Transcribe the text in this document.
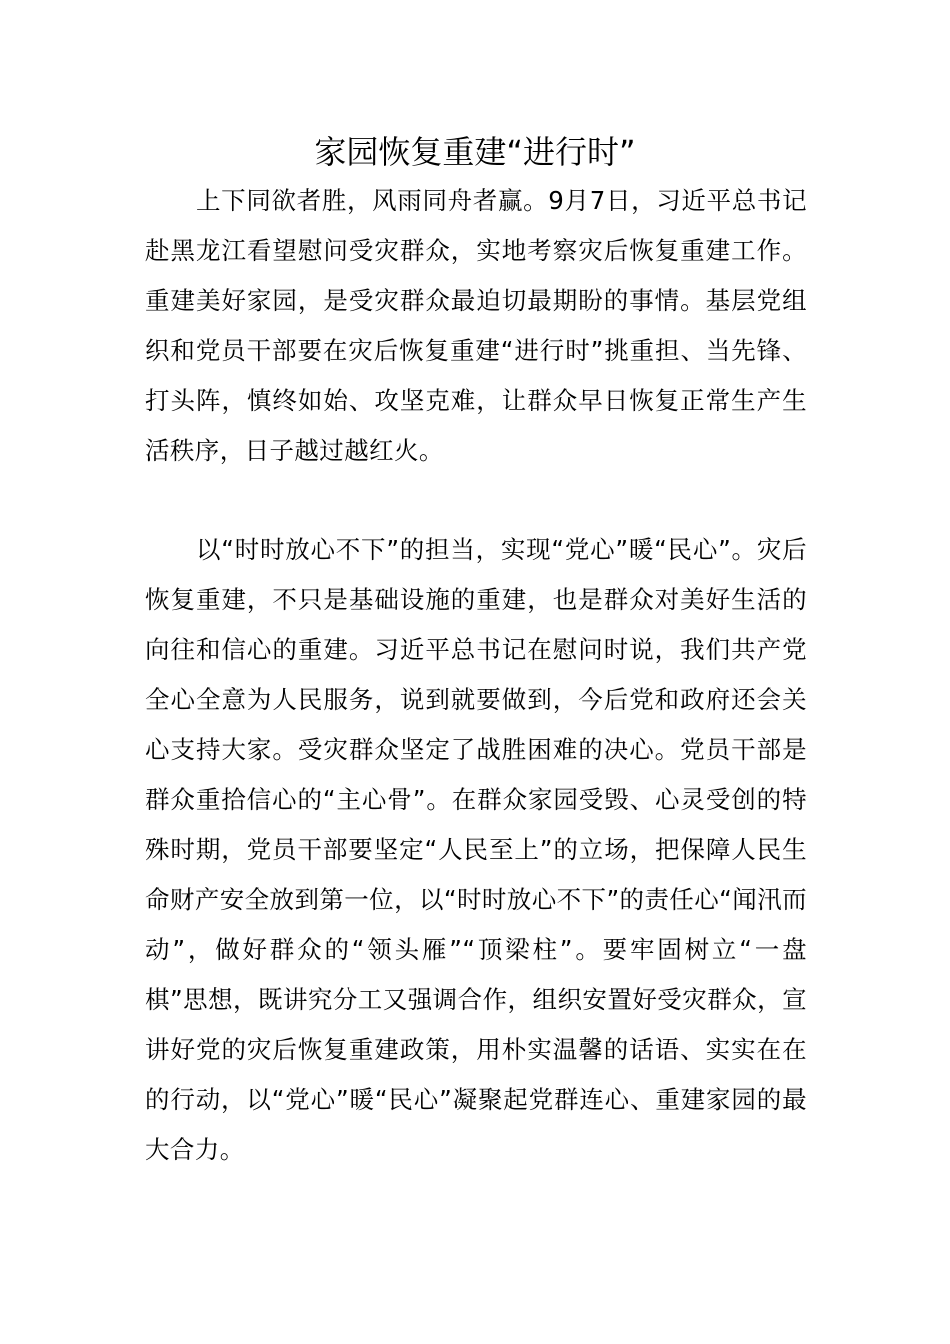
家园恢复重建“进行时”

上下同欲者胜，风雨同舟者赢。9月7日，习近平总书记赴黑龙江看望慰问受灾群众，实地考察灾后恢复重建工作。重建美好家园，是受灾群众最迫切最期盼的事情。基层党组织和党员干部要在灾后恢复重建“进行时”挑重担、当先锋、打头阵，慎终如始、攻坚克难，让群众早日恢复正常生产生活秩序，日子越过越红火。

以“时时放心不下”的担当，实现“党心”暖“民心”。灾后恢复重建，不只是基础设施的重建，也是群众对美好生活的向往和信心的重建。习近平总书记在慰问时说，我们共产党全心全意为人民服务，说到就要做到，今后党和政府还会关心支持大家。受灾群众坚定了战胜困难的决心。党员干部是群众重拾信心的“主心骨”。在群众家园受毁、心灵受创的特殊时期，党员干部要坚定“人民至上”的立场，把保障人民生命财产安全放到第一位，以“时时放心不下”的责任心“闻汛而动”，做好群众的“领头雁”“顶梁柱”。要牢固树立“一盘棋”思想，既讲究分工又强调合作，组织安置好受灾群众，宣讲好党的灾后恢复重建政策，用朴实温馨的话语、实实在在的行动，以“党心”暖“民心”凝聚起党群连心、重建家园的最大合力。
